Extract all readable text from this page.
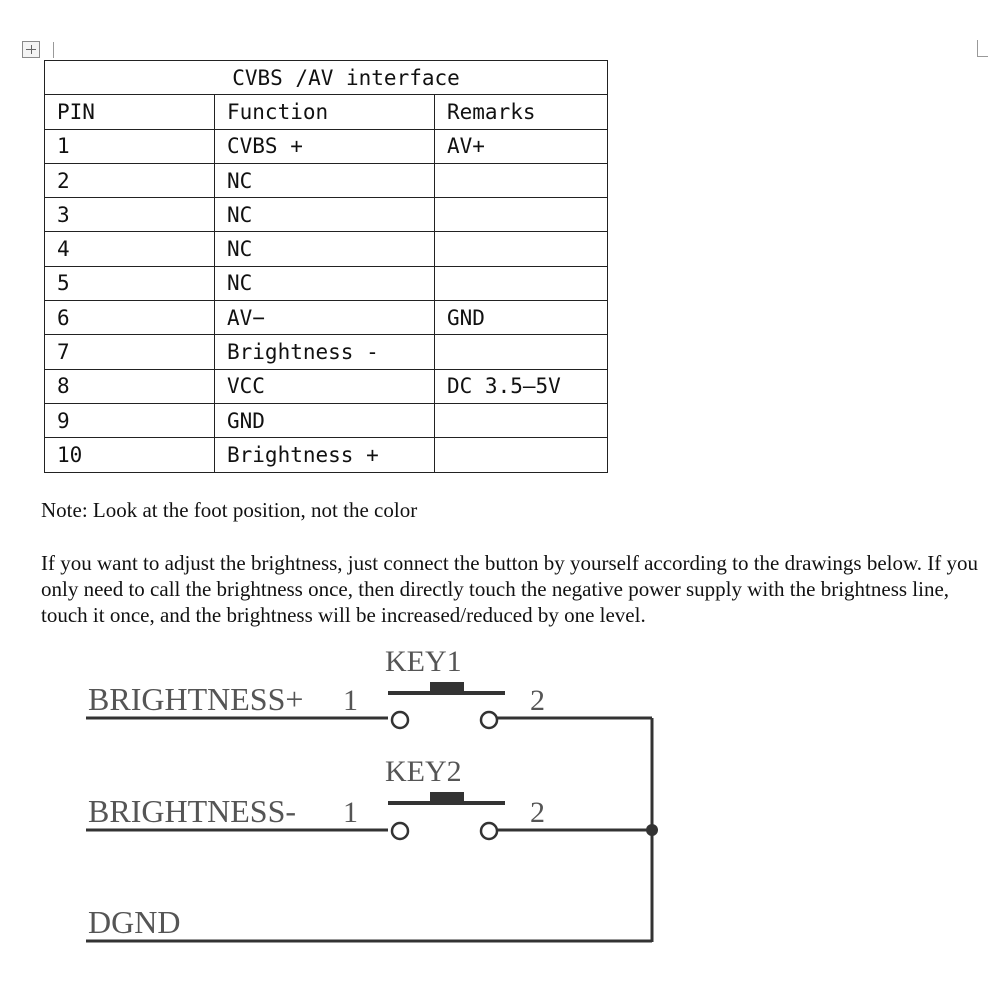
CVBS /AV interface		
PIN	Function	Remarks
1	CVBS +	AV+
2	NC	
3	NC	
4	NC	
5	NC	
6	AV−	GND
7	Brightness -	
8	VCC	DC 3.5—5V
9	GND	
10	Brightness +	
Note: Look at the foot position, not the color
If you want to adjust the brightness, just connect the button by yourself according to the drawings below. If you only need to call the brightness once, then directly touch the negative power supply with the brightness line, touch it once, and the brightness will be increased/reduced by one level.
KEY1
BRIGHTNESS+ 1	2
KEY2
BRIGHTNESS- 1	2
DGND
